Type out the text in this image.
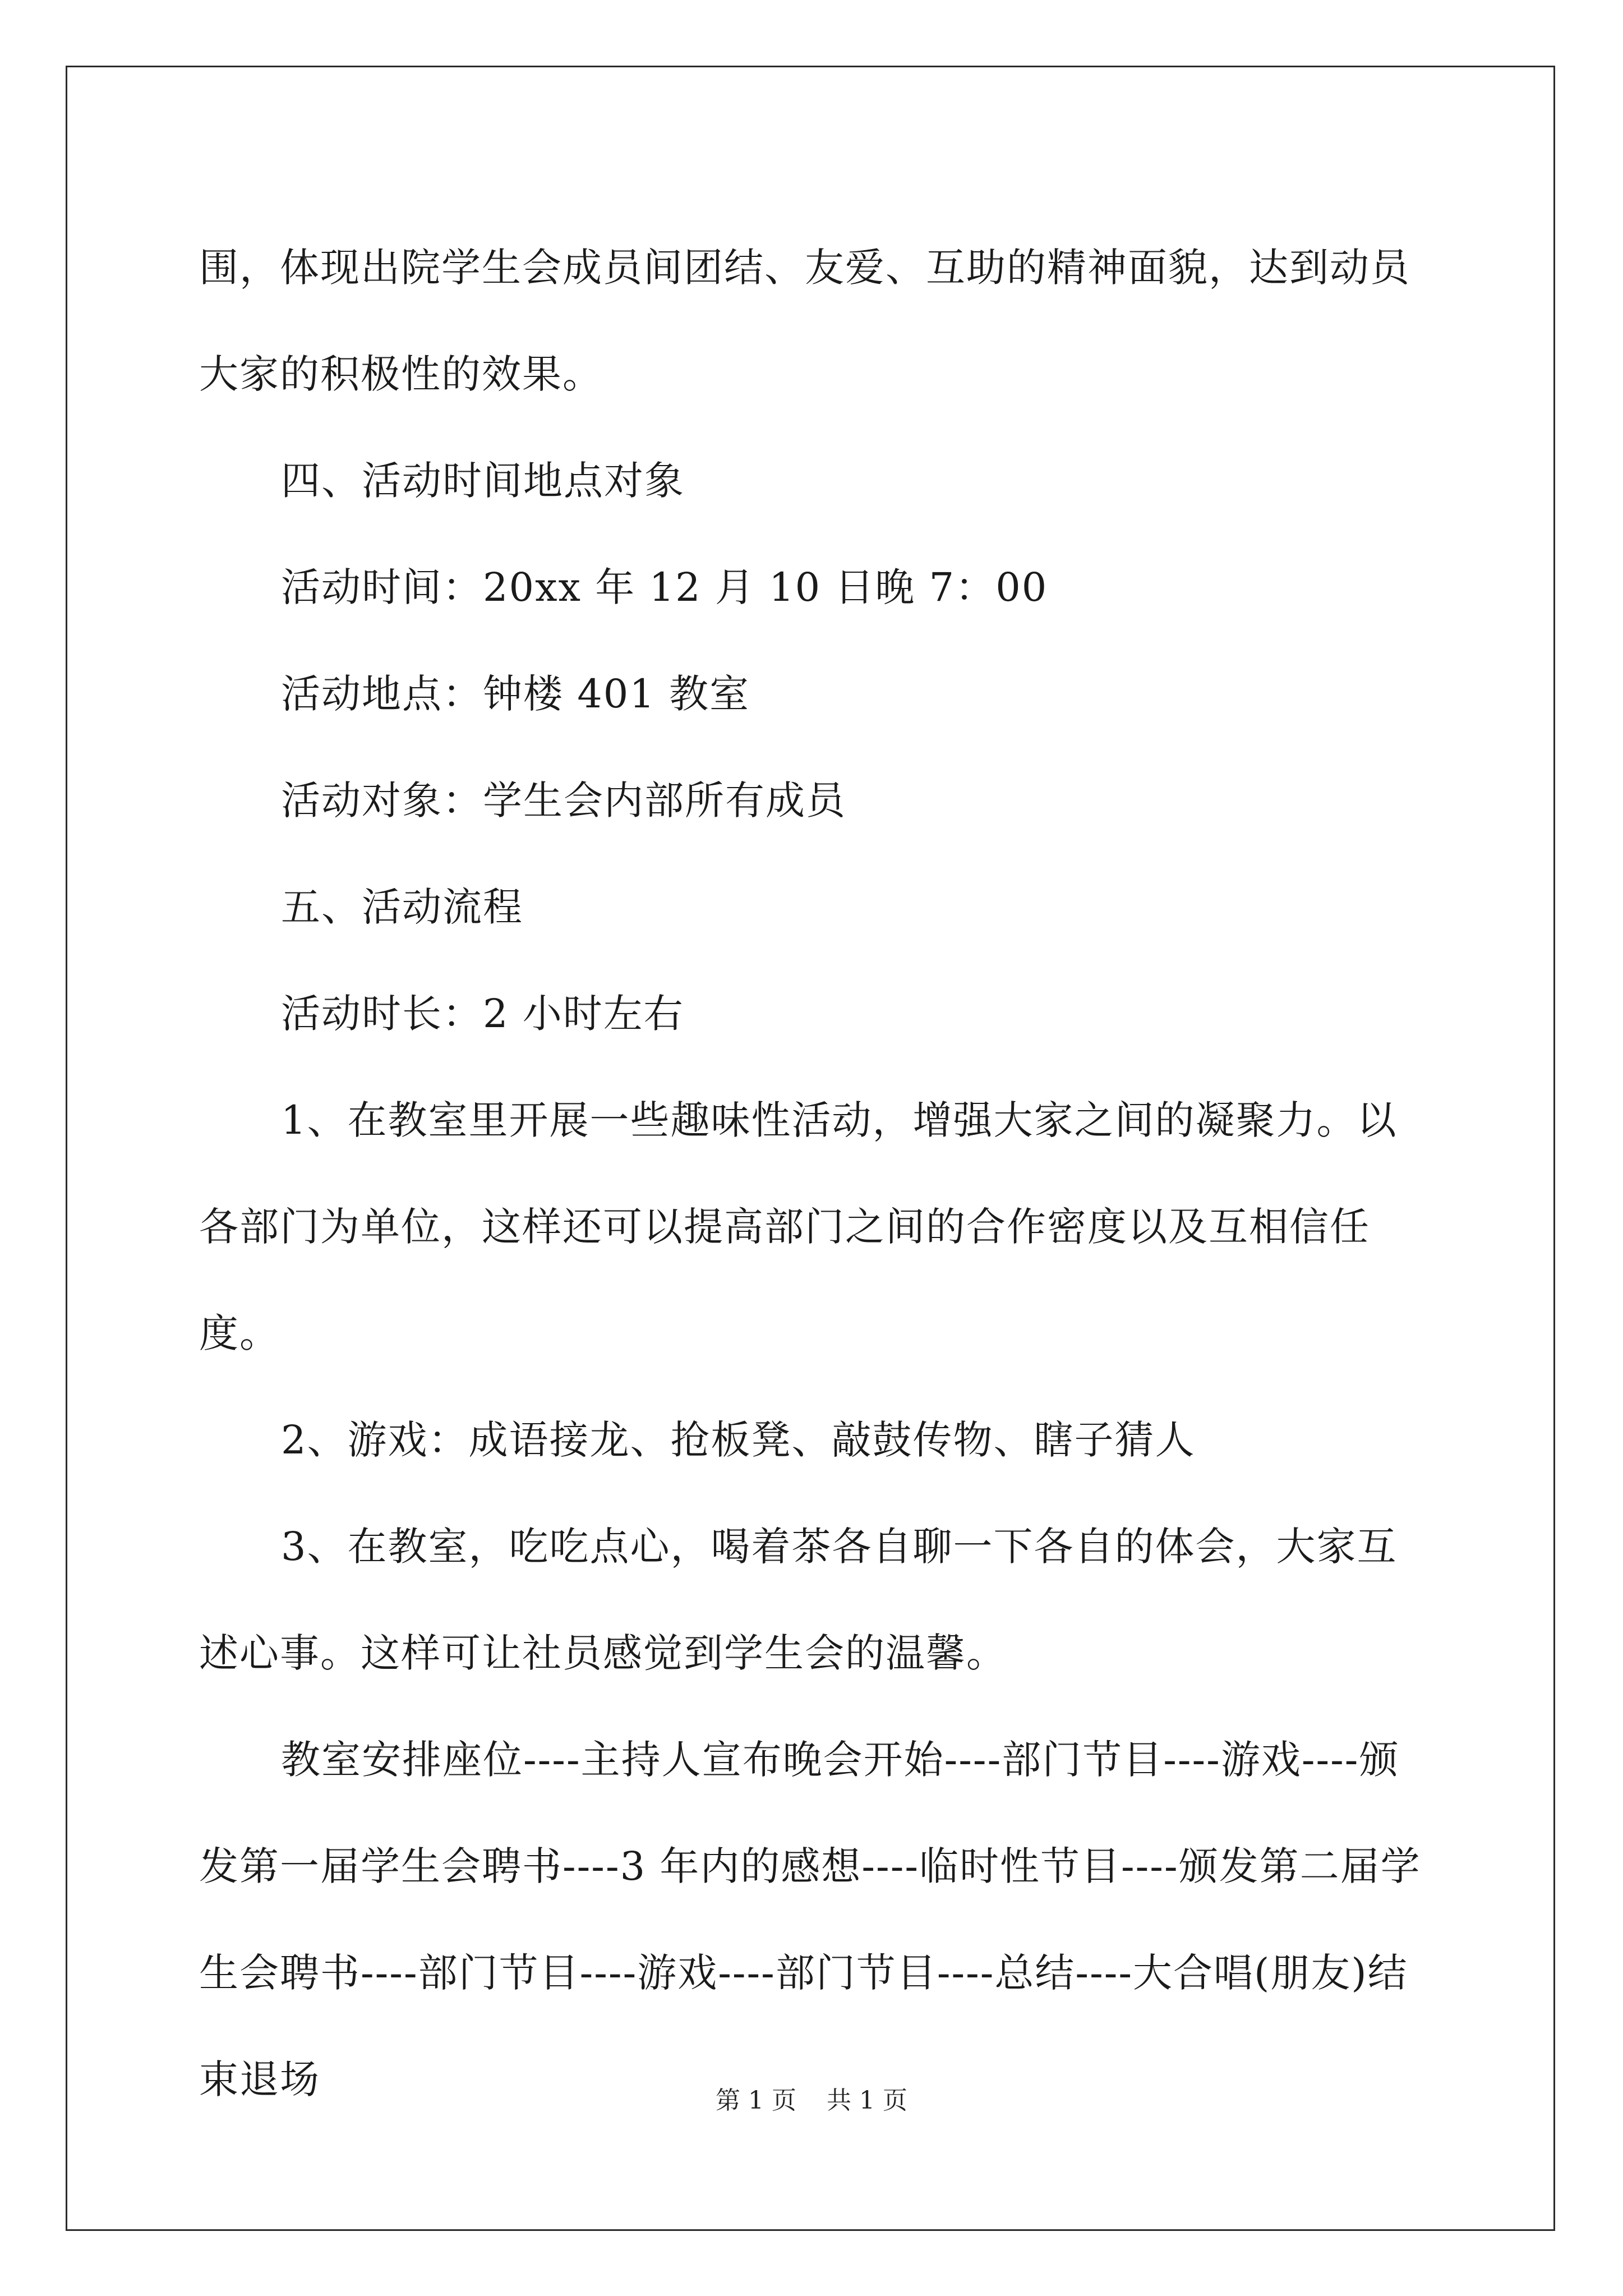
围，体现出院学生会成员间团结、友爱、互助的精神面貌，达到动员大家的积极性的效果。

四、活动时间地点对象

活动时间：20xx 年 12 月 10 日晚 7：00

活动地点：钟楼 401 教室

活动对象：学生会内部所有成员

五、活动流程

活动时长：2 小时左右

1、在教室里开展一些趣味性活动，增强大家之间的凝聚力。以各部门为单位，这样还可以提高部门之间的合作密度以及互相信任度。

2、游戏：成语接龙、抢板凳、敲鼓传物、瞎子猜人

3、在教室，吃吃点心，喝着茶各自聊一下各自的体会，大家互述心事。这样可让社员感觉到学生会的温馨。

教室安排座位----主持人宣布晚会开始----部门节目----游戏----颁发第一届学生会聘书----3 年内的感想----临时性节目----颁发第二届学生会聘书----部门节目----游戏----部门节目----总结----大合唱(朋友)结束退场	第 1 页 共 1 页
